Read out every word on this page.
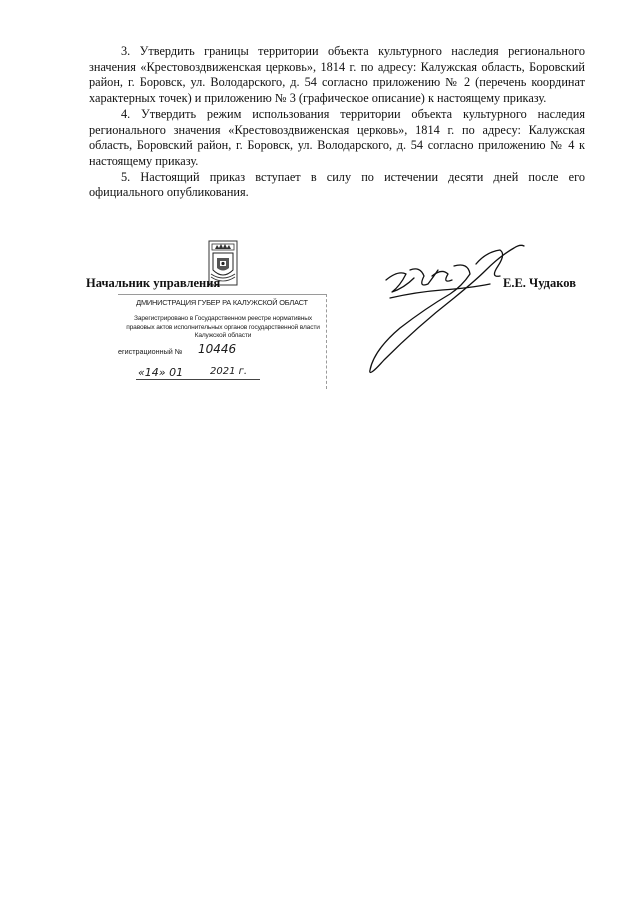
3. Утвердить границы территории объекта культурного наследия регионального значения «Крестовоздвиженская церковь», 1814 г. по адресу: Калужская область, Боровский район, г. Боровск, ул. Володарского, д. 54 согласно приложению № 2 (перечень координат характерных точек) и приложению № 3 (графическое описание) к настоящему приказу.

4. Утвердить режим использования территории объекта культурного наследия регионального значения «Крестовоздвиженская церковь», 1814 г. по адресу: Калужская область, Боровский район, г. Боровск, ул. Володарского, д. 54 согласно приложению № 4 к настоящему приказу.

5. Настоящий приказ вступает в силу по истечении десяти дней после его официального опубликования.

ДМИНИСТРАЦИЯ ГУБЕР РА КАЛУЖСКОЙ ОБЛАСТ
Зарегистрировано в Государственном реестре нормативных правовых актов исполнительных органов государственной власти Калужской области
егистрационный № 10446
«14» 01	2021 г.
Начальник управления	Е.Е. Чудаков
